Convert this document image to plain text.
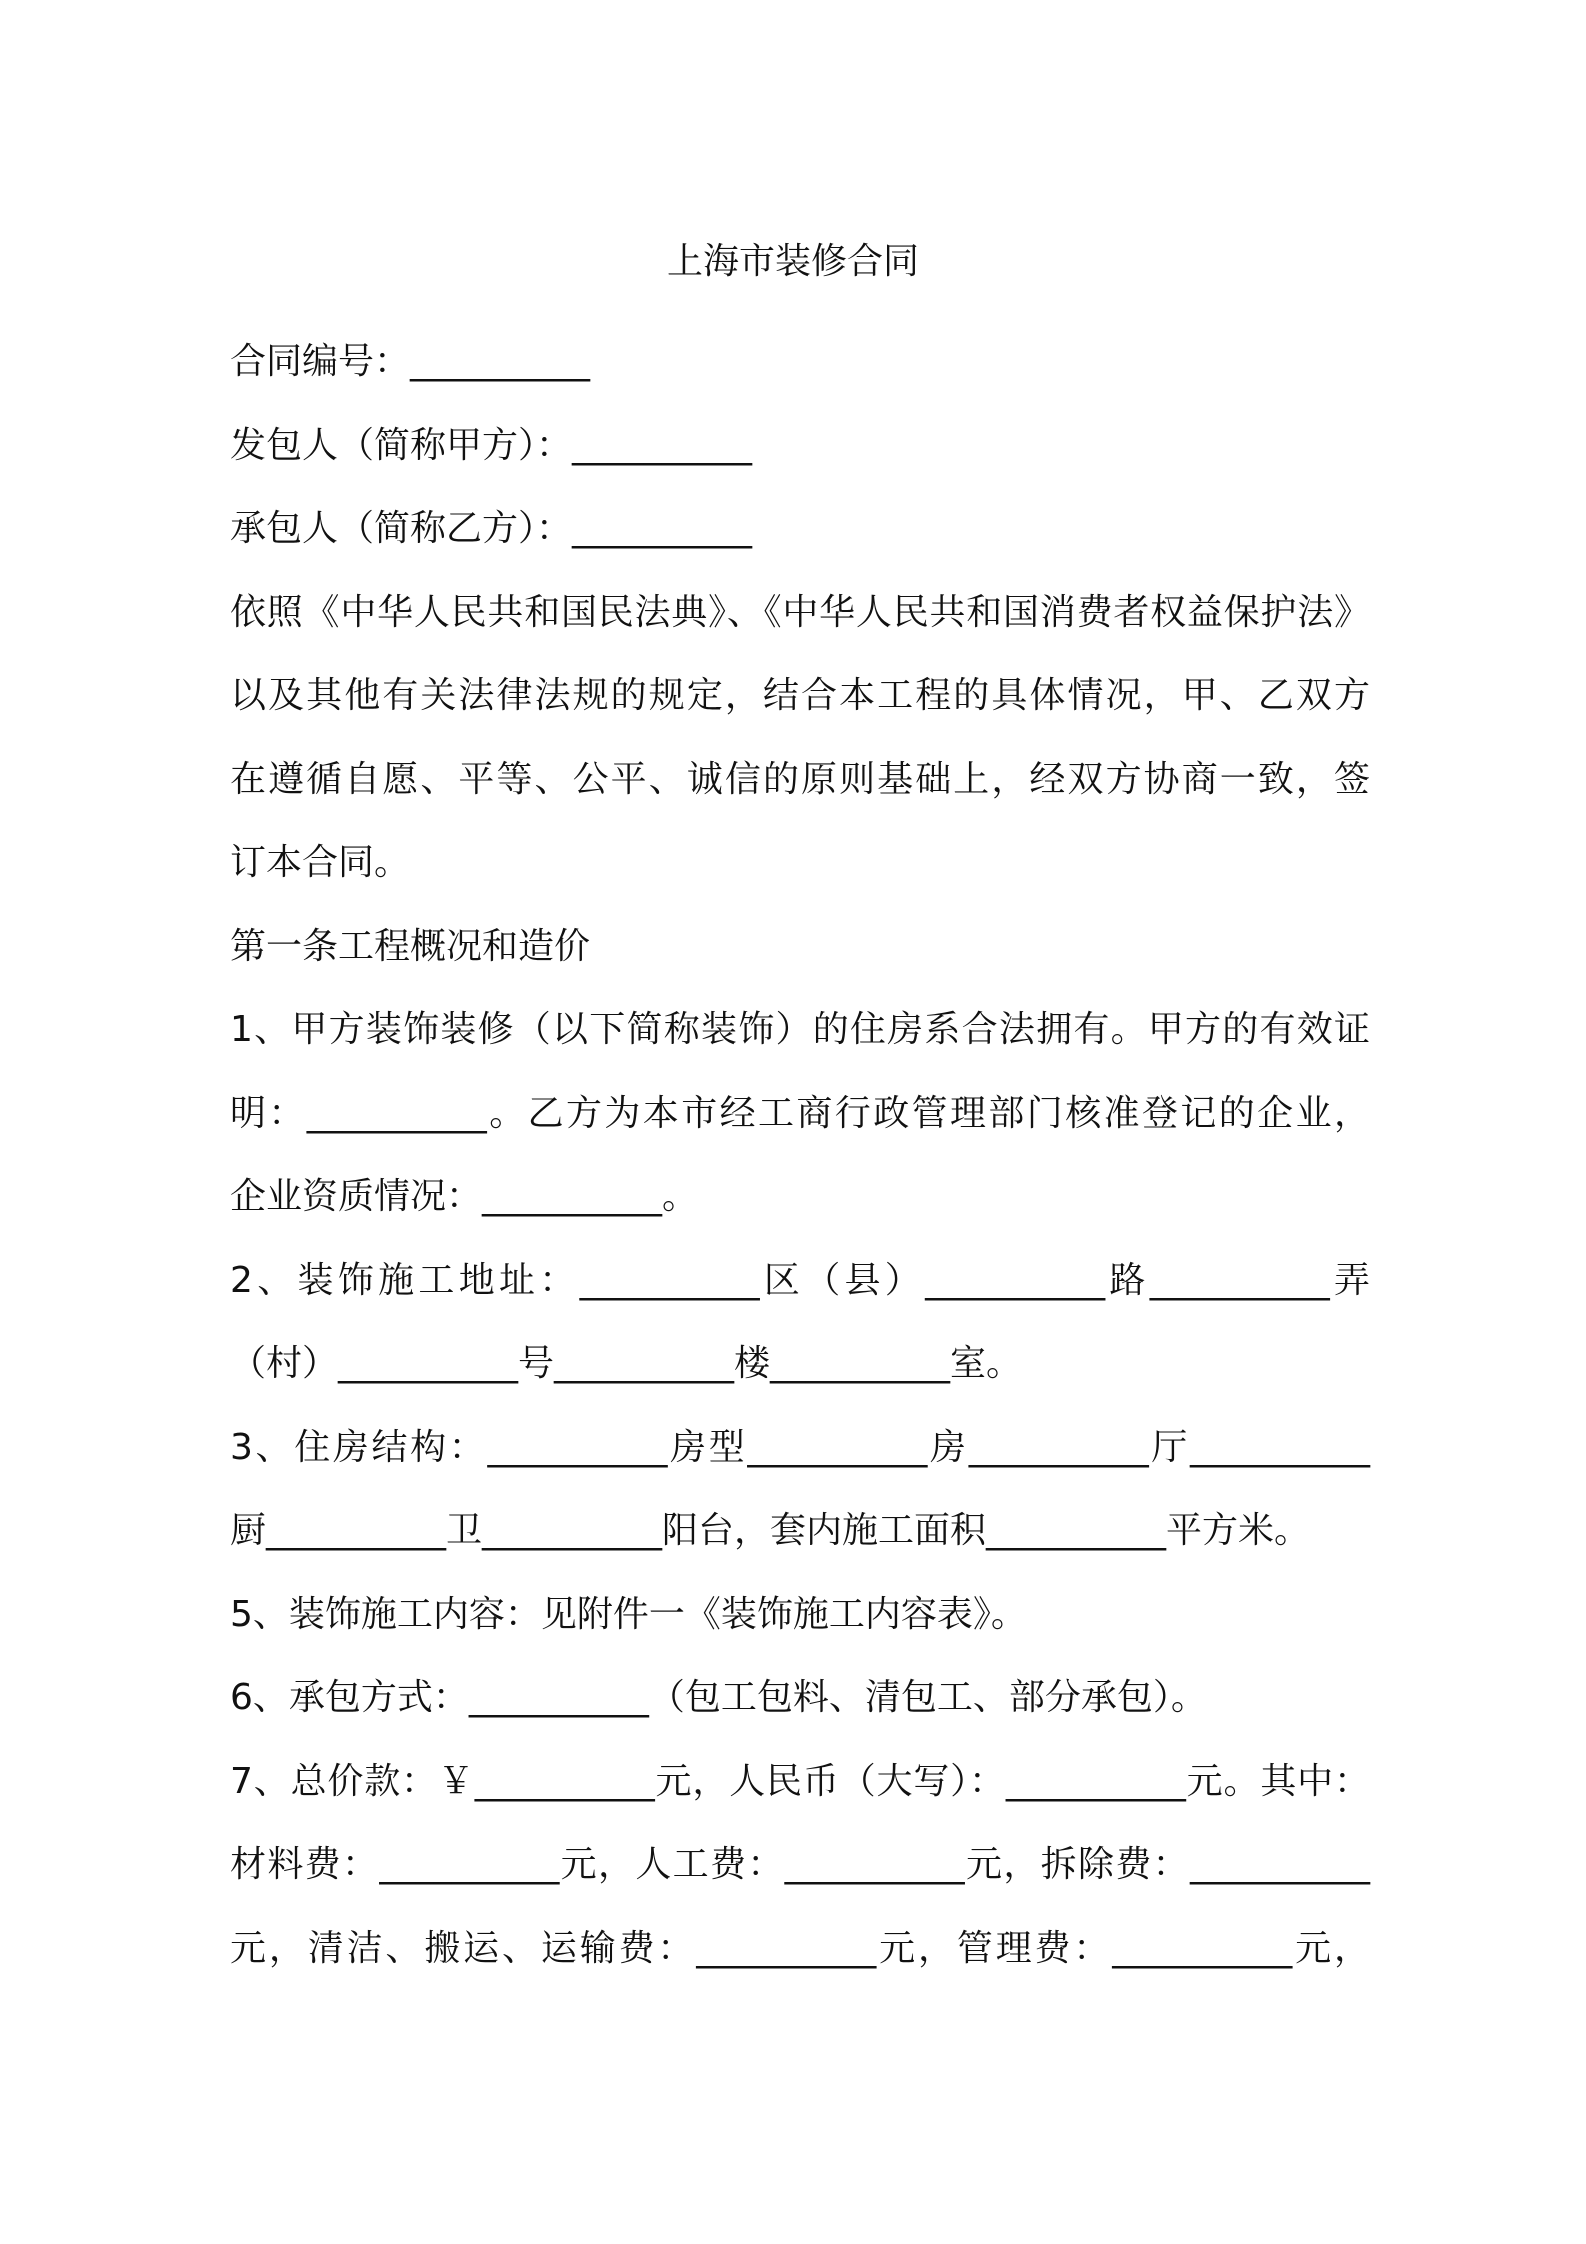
上海市装修合同
合同编号：__________
发包人（简称甲方）：__________
承包人（简称乙方）：__________
依照《中华人民共和国民法典》、《中华人民共和国消费者权益保护法》
以及其他有关法律法规的规定，结合本工程的具体情况，甲、乙双方
在遵循自愿、平等、公平、诚信的原则基础上，经双方协商一致，签
订本合同。
第一条工程概况和造价
1、甲方装饰装修（以下简称装饰）的住房系合法拥有。甲方的有效证
明：__________。乙方为本市经工商行政管理部门核准登记的企业，
企业资质情况：__________。
2、装饰施工地址：__________区（县）__________路__________弄
（村）__________号__________楼__________室。
3、住房结构：__________房型__________房__________厅__________
厨__________卫__________阳台，套内施工面积__________平方米。
5、装饰施工内容：见附件一《装饰施工内容表》。
6、承包方式：__________（包工包料、清包工、部分承包）。
7、总价款：￥__________元，人民币（大写）：__________元。其中：
材料费：__________元，人工费：__________元，拆除费：__________
元，清洁、搬运、运输费：__________元，管理费：__________元，
